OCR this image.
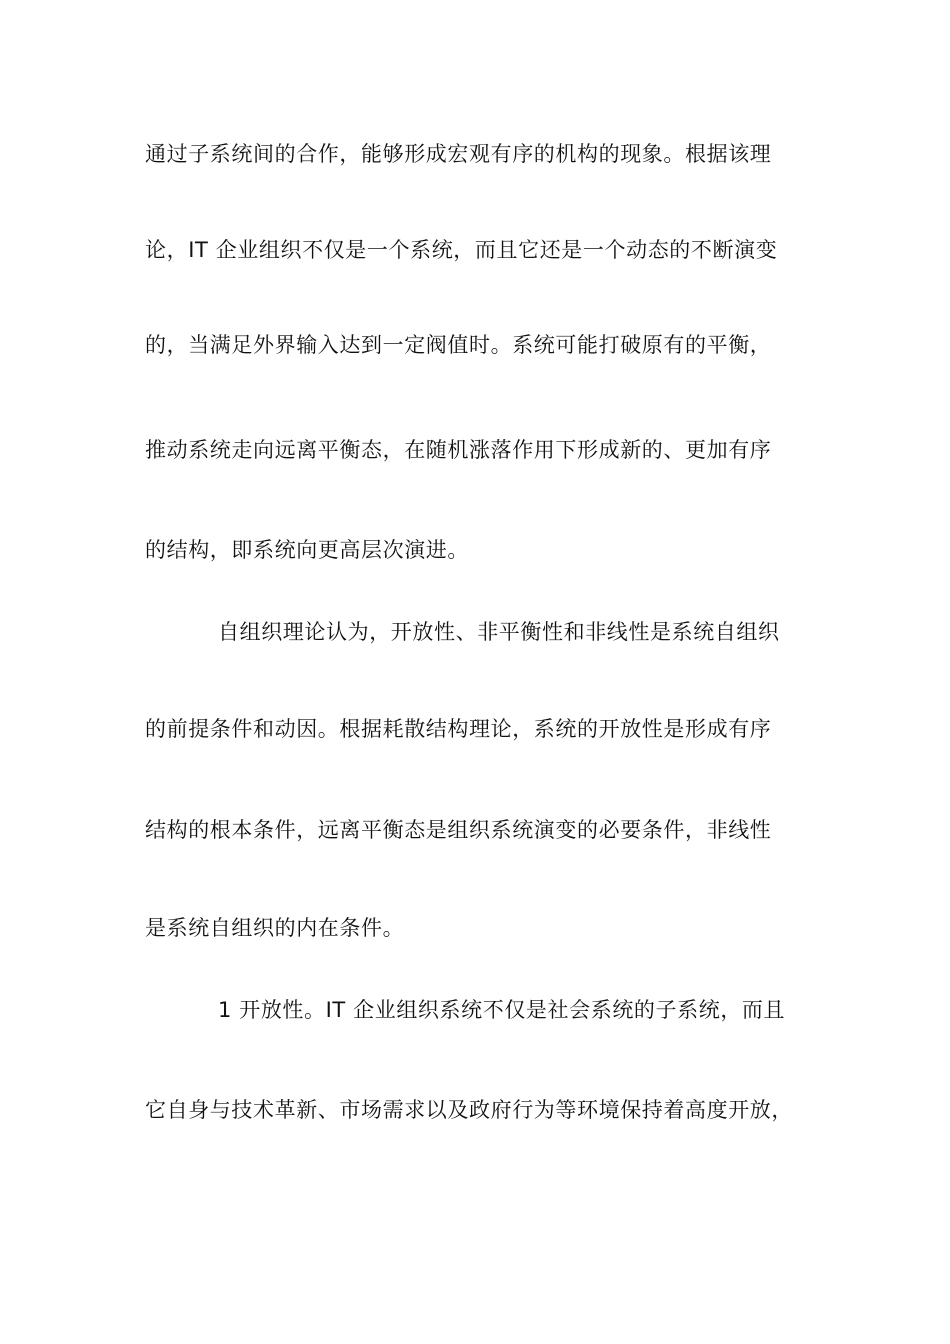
通过子系统间的合作，能够形成宏观有序的机构的现象。根据该理
论，IT 企业组织不仅是一个系统，而且它还是一个动态的不断演变
的，当满足外界输入达到一定阀值时。系统可能打破原有的平衡，
推动系统走向远离平衡态，在随机涨落作用下形成新的、更加有序
的结构，即系统向更高层次演进。
自组织理论认为，开放性、非平衡性和非线性是系统自组织
的前提条件和动因。根据耗散结构理论，系统的开放性是形成有序
结构的根本条件，远离平衡态是组织系统演变的必要条件，非线性
是系统自组织的内在条件。
1 开放性。IT 企业组织系统不仅是社会系统的子系统，而且
它自身与技术革新、市场需求以及政府行为等环境保持着高度开放，
